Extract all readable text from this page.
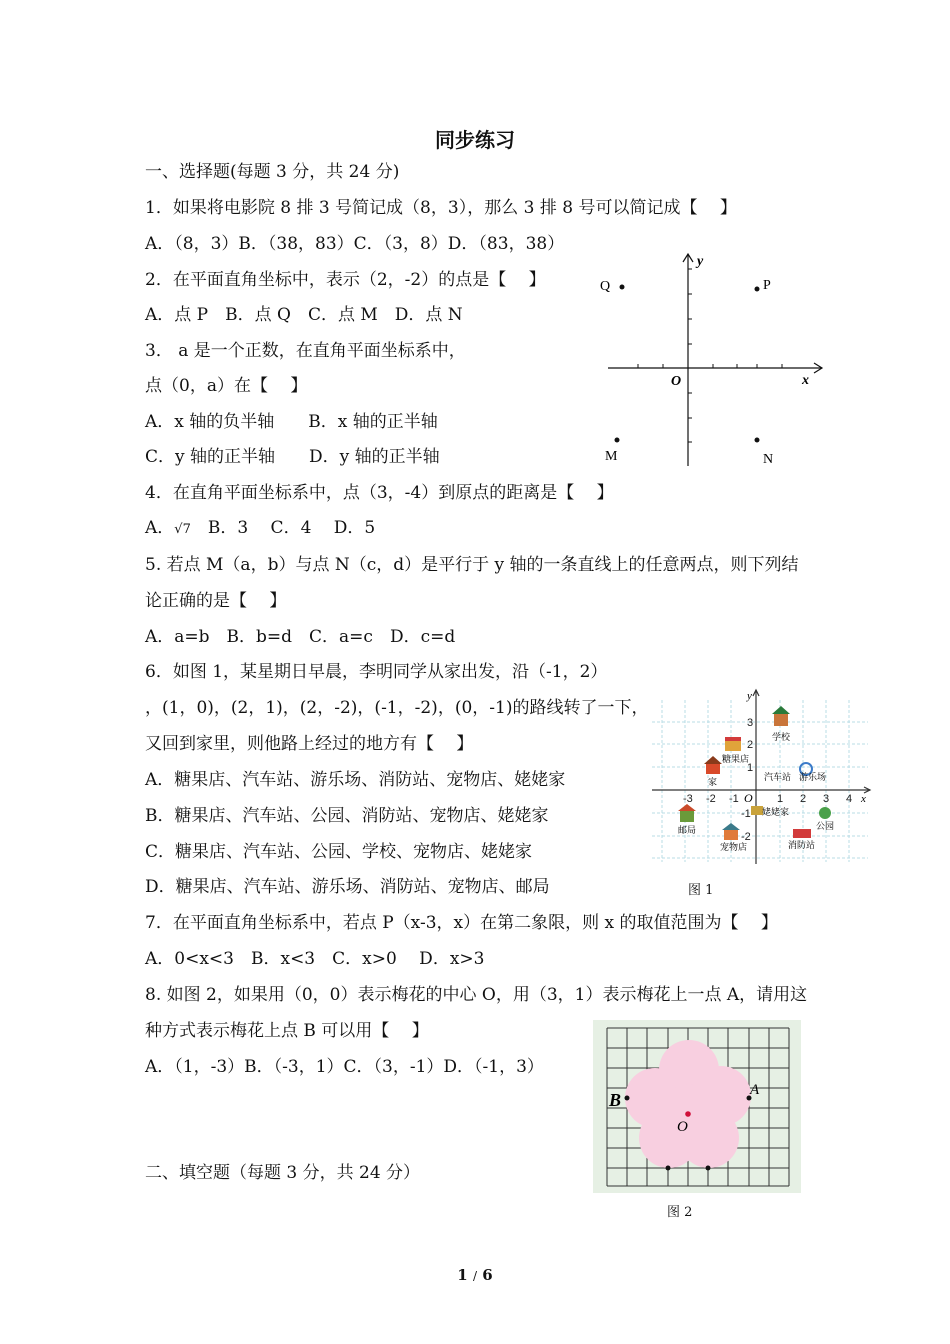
同步练习
一、选择题(每题 3 分，共 24 分)
1．如果将电影院 8 排 3 号简记成（8，3），那么 3 排 8 号可以简记成【　 】
A．（8，3）B．（38，83）C．（3，8）D．（83，38）
2．在平面直角坐标中，表示（2，-2）的点是【　 】
A．点 P　B．点 Q　C．点 M　D．点 N
3． a 是一个正数，在直角平面坐标系中，
点（0，a）在【　 】
A．x 轴的负半轴　　B．x 轴的正半轴
C．y 轴的正半轴　　D．y 轴的正半轴
4．在直角平面坐标系中，点（3，-4）到原点的距离是【　 】
A．√7　 B．3　 C．4　 D．5
5. 若点 M（a，b）与点 N（c，d）是平行于 y 轴的一条直线上的任意两点，则下列结
论正确的是【　 】
A．a=b　B．b=d　C．a=c　D．c=d
6．如图 1，某星期日早晨，李明同学从家出发，沿（-1，2）
，(1，0)，(2，1)，(2，-2)，(-1，-2)，(0，-1)的路线转了一下，
又回到家里，则他路上经过的地方有【　 】
A．糖果店、汽车站、游乐场、消防站、宠物店、姥姥家
B．糖果店、汽车站、公园、消防站、宠物店、姥姥家
C．糖果店、汽车站、公园、学校、宠物店、姥姥家
D．糖果店、汽车站、游乐场、消防站、宠物店、邮局
7．在平面直角坐标系中，若点 P（x-3，x）在第二象限，则 x 的取值范围为【　 】
A．0<x<3　B．x<3　C．x>0　 D．x>3
8. 如图 2，如果用（0，0）表示梅花的中心 O，用（3，1）表示梅花上一点 A，请用这
种方式表示梅花上点 B 可以用【　 】
A．（1，-3）B．（-3，1）C．（3，-1）D．（-1，3）
二、填空题（每题 3 分，共 24 分）
y
x
O
P
Q
M	N
y
x
O
-3 -2 -1	1 2 3 4
1
2
3
-1
-2
学校
糖果店
家	汽车站 游乐场
姥姥家
邮局
宠物店
公园
消防站
图 1
B	A
O
图 2
1 / 6
